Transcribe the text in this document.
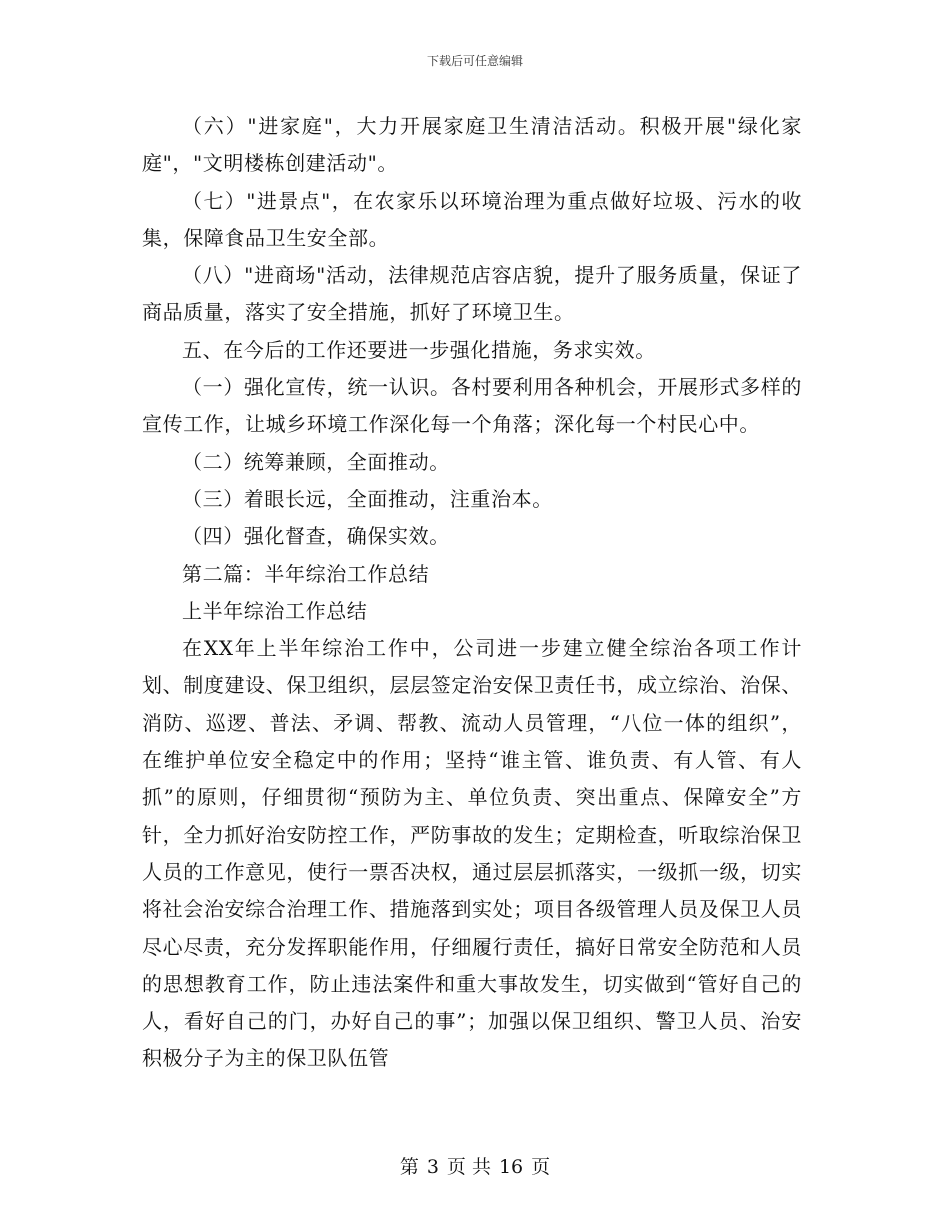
下载后可任意编辑

（六）"进家庭"，大力开展家庭卫生清洁活动。积极开展"绿化家庭"，"文明楼栋创建活动"。

（七）"进景点"，在农家乐以环境治理为重点做好垃圾、污水的收集，保障食品卫生安全部。

（八）"进商场"活动，法律规范店容店貌，提升了服务质量，保证了商品质量，落实了安全措施，抓好了环境卫生。

五、在今后的工作还要进一步强化措施，务求实效。

（一）强化宣传，统一认识。各村要利用各种机会，开展形式多样的宣传工作，让城乡环境工作深化每一个角落；深化每一个村民心中。

（二）统筹兼顾，全面推动。

（三）着眼长远，全面推动，注重治本。

（四）强化督查，确保实效。

第二篇：半年综治工作总结

上半年综治工作总结

在XX年上半年综治工作中，公司进一步建立健全综治各项工作计划、制度建设、保卫组织，层层签定治安保卫责任书，成立综治、治保、消防、巡逻、普法、矛调、帮教、流动人员管理，“八位一体的组织”，在维护单位安全稳定中的作用；坚持“谁主管、谁负责、有人管、有人抓”的原则，仔细贯彻“预防为主、单位负责、突出重点、保障安全”方针，全力抓好治安防控工作，严防事故的发生；定期检查，听取综治保卫人员的工作意见，使行一票否决权，通过层层抓落实，一级抓一级，切实将社会治安综合治理工作、措施落到实处；项目各级管理人员及保卫人员尽心尽责，充分发挥职能作用，仔细履行责任，搞好日常安全防范和人员的思想教育工作，防止违法案件和重大事故发生，切实做到“管好自己的人，看好自己的门，办好自己的事”；加强以保卫组织、警卫人员、治安积极分子为主的保卫队伍管

第 3 页 共 16 页
